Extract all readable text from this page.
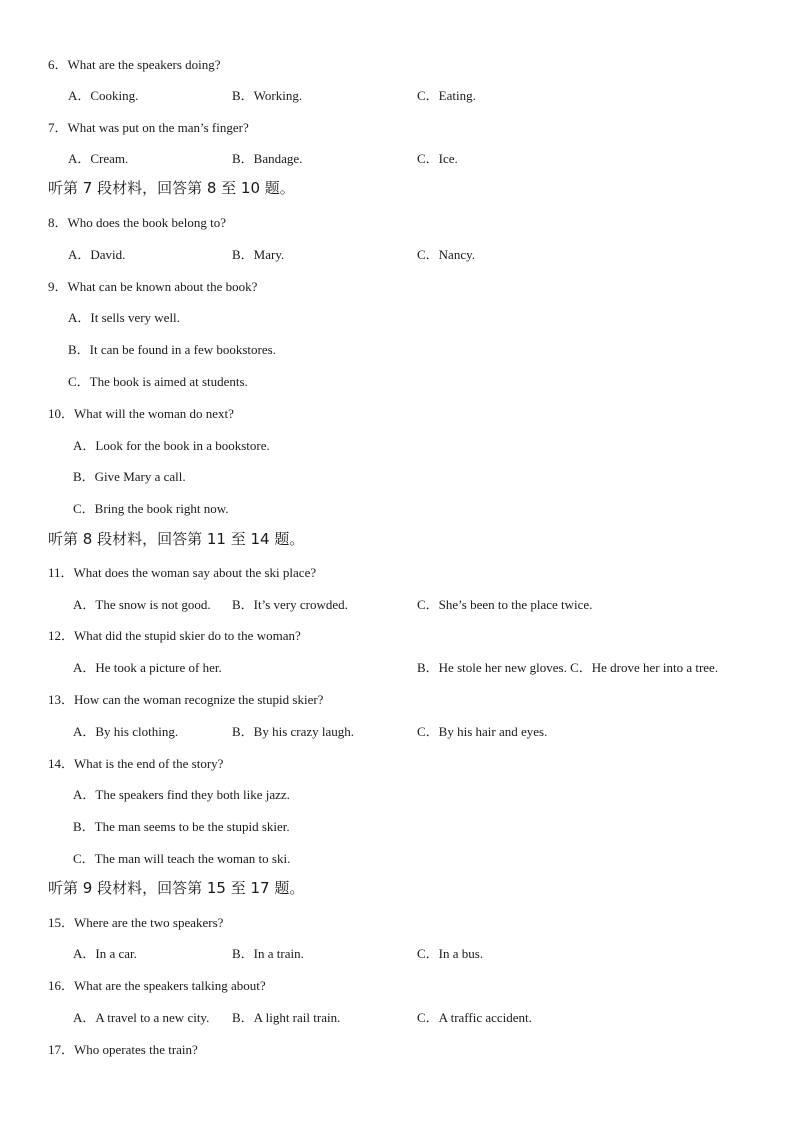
6．What are the speakers doing?
A．Cooking.	B．Working.	C．Eating.
7．What was put on the man’s finger?
A．Cream.	B．Bandage.	C．Ice.
听第 7 段材料，回答第 8 至 10 题。
8．Who does the book belong to?
A．David.	B．Mary.	C．Nancy.
9．What can be known about the book?
A．It sells very well.
B．It can be found in a few bookstores.
C．The book is aimed at students.
10．What will the woman do next?
A．Look for the book in a bookstore.
B．Give Mary a call.
C．Bring the book right now.
听第 8 段材料，回答第 11 至 14 题。
11．What does the woman say about the ski place?
A．The snow is not good. B．It’s very crowded.	C．She’s been to the place twice.
12．What did the stupid skier do to the woman?
A．He took a picture of her.	B．He stole her new gloves. C．He drove her into a tree.
13．How can the woman recognize the stupid skier?
A．By his clothing.	B．By his crazy laugh.	C．By his hair and eyes.
14．What is the end of the story?
A．The speakers find they both like jazz.
B．The man seems to be the stupid skier.
C．The man will teach the woman to ski.
听第 9 段材料，回答第 15 至 17 题。
15．Where are the two speakers?
A．In a car.	B．In a train.	C．In a bus.
16．What are the speakers talking about?
A．A travel to a new city. B．A light rail train.	C．A traffic accident.
17．Who operates the train?
